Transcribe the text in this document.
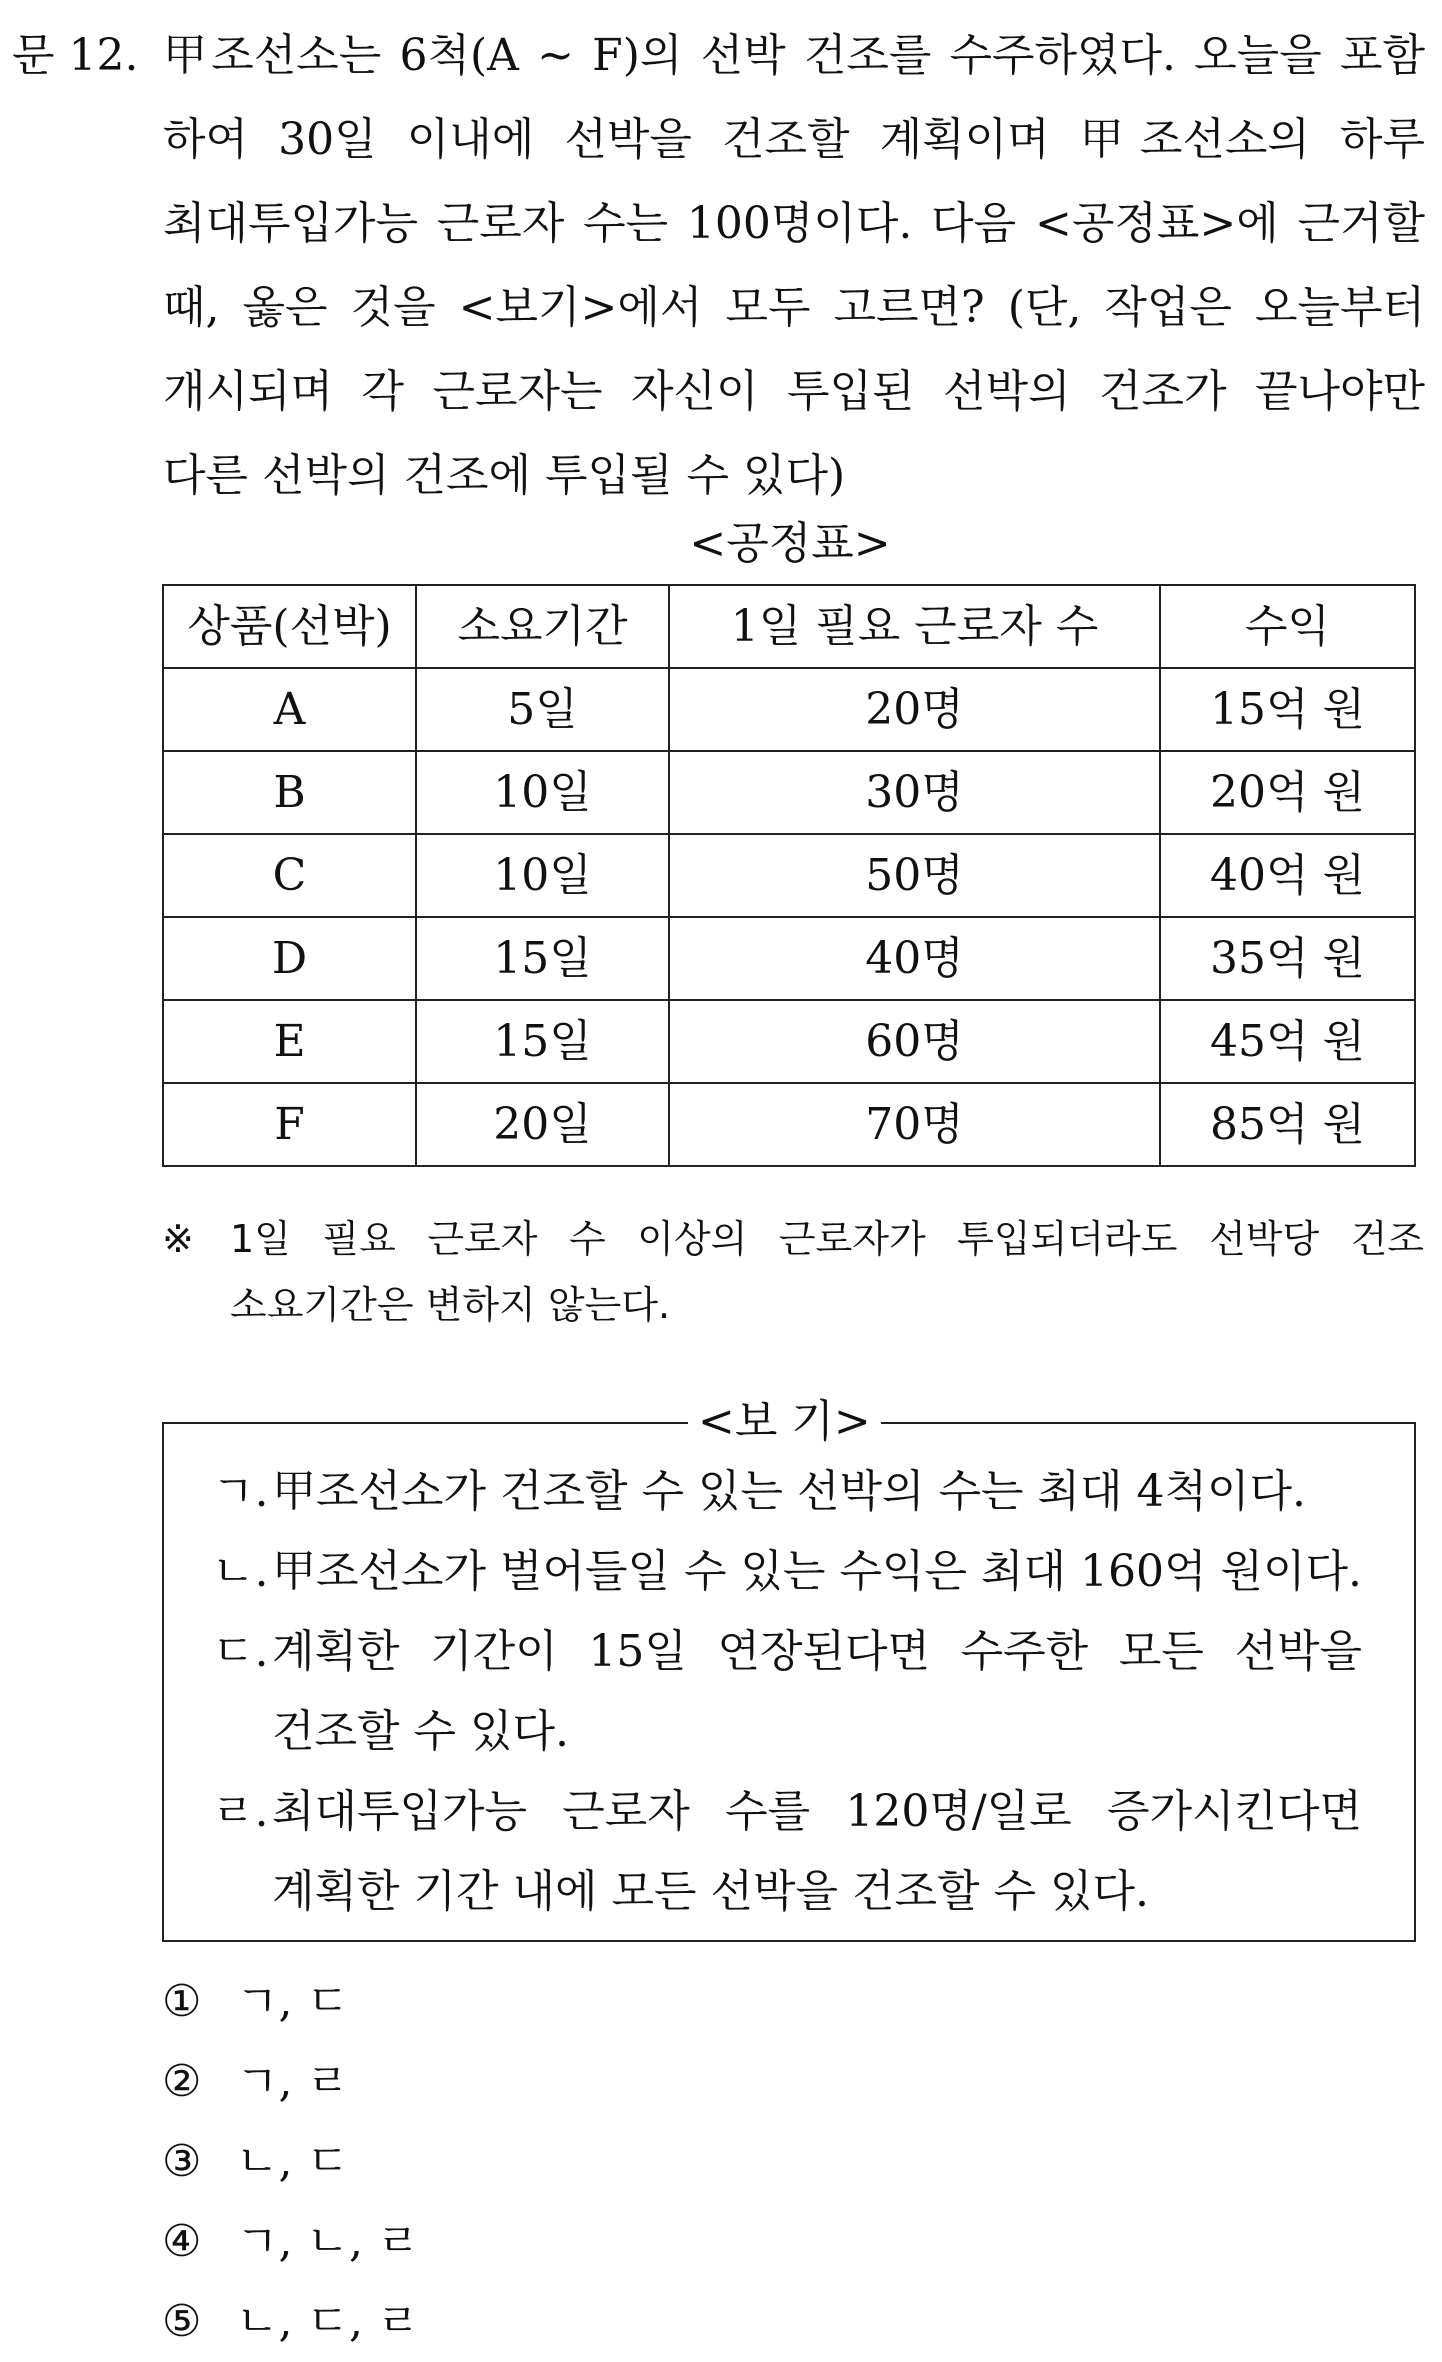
문 12. 甲조선소는 6척(A ~ F)의 선박 건조를 수주하였다. 오늘을 포함
하여 30일 이내에 선박을 건조할 계획이며 甲조선소의 하루
최대투입가능 근로자 수는 100명이다. 다음 <공정표>에 근거할
때, 옳은 것을 <보기>에서 모두 고르면? (단, 작업은 오늘부터
개시되며 각 근로자는 자신이 투입된 선박의 건조가 끝나야만
다른 선박의 건조에 투입될 수 있다)
<공정표>
상품(선박)	소요기간	1일 필요 근로자 수	수익
A	5일	20명	15억 원
B	10일	30명	20억 원
C	10일	50명	40억 원
D	15일	40명	35억 원
E	15일	60명	45억 원
F	20일	70명	85억 원
※ 1일 필요 근로자 수 이상의 근로자가 투입되더라도 선박당 건조
소요기간은 변하지 않는다.
<보 기>
ㄱ. 甲조선소가 건조할 수 있는 선박의 수는 최대 4척이다.
ㄴ. 甲조선소가 벌어들일 수 있는 수익은 최대 160억 원이다.
ㄷ. 계획한 기간이 15일 연장된다면 수주한 모든 선박을
건조할 수 있다.
ㄹ. 최대투입가능 근로자 수를 120명/일로 증가시킨다면
계획한 기간 내에 모든 선박을 건조할 수 있다.
① ㄱ, ㄷ
② ㄱ, ㄹ
③ ㄴ, ㄷ
④ ㄱ, ㄴ, ㄹ
⑤ ㄴ, ㄷ, ㄹ
